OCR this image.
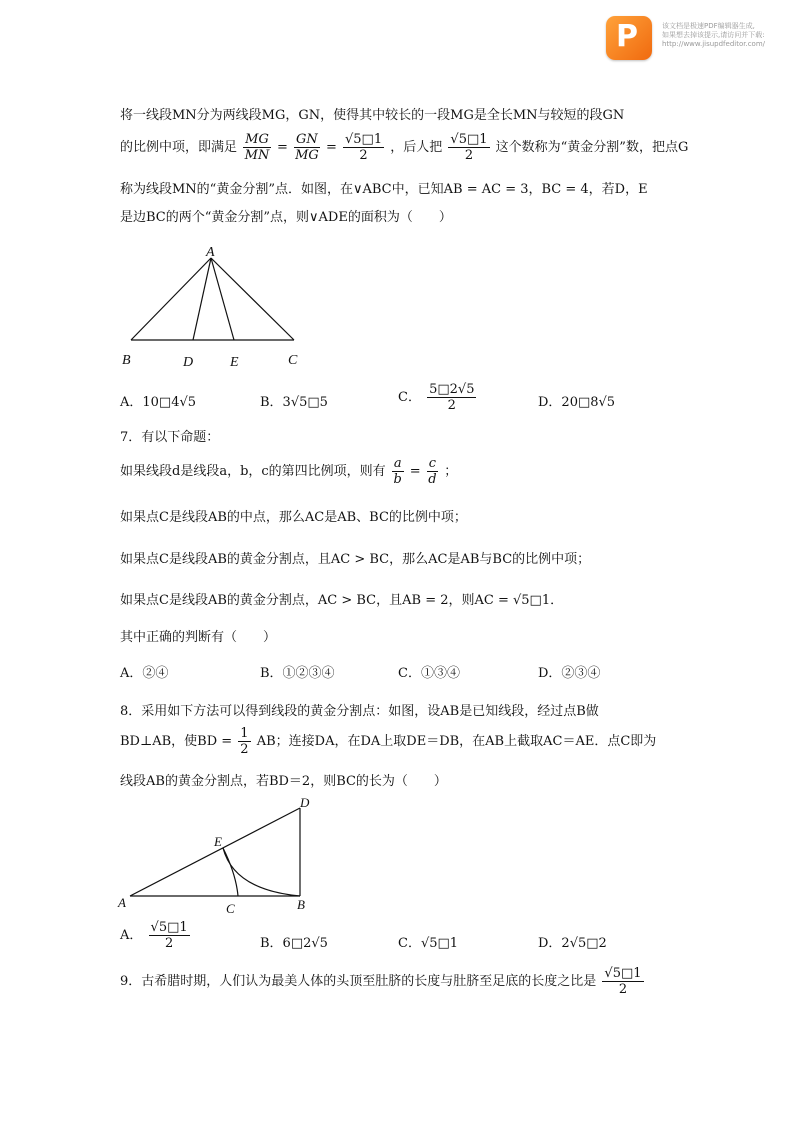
P	该文档是极速PDF编辑器生成,
如果想去掉该提示,请访问并下载:
http://www.jisupdfeditor.com/
将一线段MN分为两线段MG，GN，使得其中较长的一段MG是全长MN与较短的段GN
的比例中项，即满足 $\frac{MG}{MN} = \frac{GN}{MG} = \frac{√5□1}{2}$ ，后人把 $\frac{√5□1}{2}$ 这个数称为“黄金分割”数，把点G
称为线段MN的“黄金分割”点．如图，在∨ABC中，已知AB = AC = 3，BC = 4，若D，E
是边BC的两个“黄金分割”点，则∨ADE的面积为（　　）
A
B	D	E	C
A．10□4√5	B．3√5□5	C． $\frac{5□2√5}{2}$	D．20□8√5
7．有以下命题：
如果线段d是线段a，b，c的第四比例项，则有 $\frac{a}{b} = \frac{c}{d}$ ；
如果点C是线段AB的中点，那么AC是AB、BC的比例中项；
如果点C是线段AB的黄金分割点，且AC > BC，那么AC是AB与BC的比例中项；
如果点C是线段AB的黄金分割点，AC > BC，且AB = 2，则AC = √5□1．
其中正确的判断有（　　）
A．②④	B．①②③④	C．①③④	D．②③④
8．采用如下方法可以得到线段的黄金分割点：如图，设AB是已知线段，经过点B做
BD⊥AB，使BD = $\frac{1}{2}$ AB；连接DA，在DA上取DE＝DB，在AB上截取AC＝AE．点C即为
线段AB的黄金分割点，若BD＝2，则BC的长为（　　）
A	C	B
D
E
A． $\frac{√5□1}{2}$	B．6□2√5	C．√5□1	D．2√5□2
9．古希腊时期，人们认为最美人体的头顶至肚脐的长度与肚脐至足底的长度之比是 $\frac{√5□1}{2}$
